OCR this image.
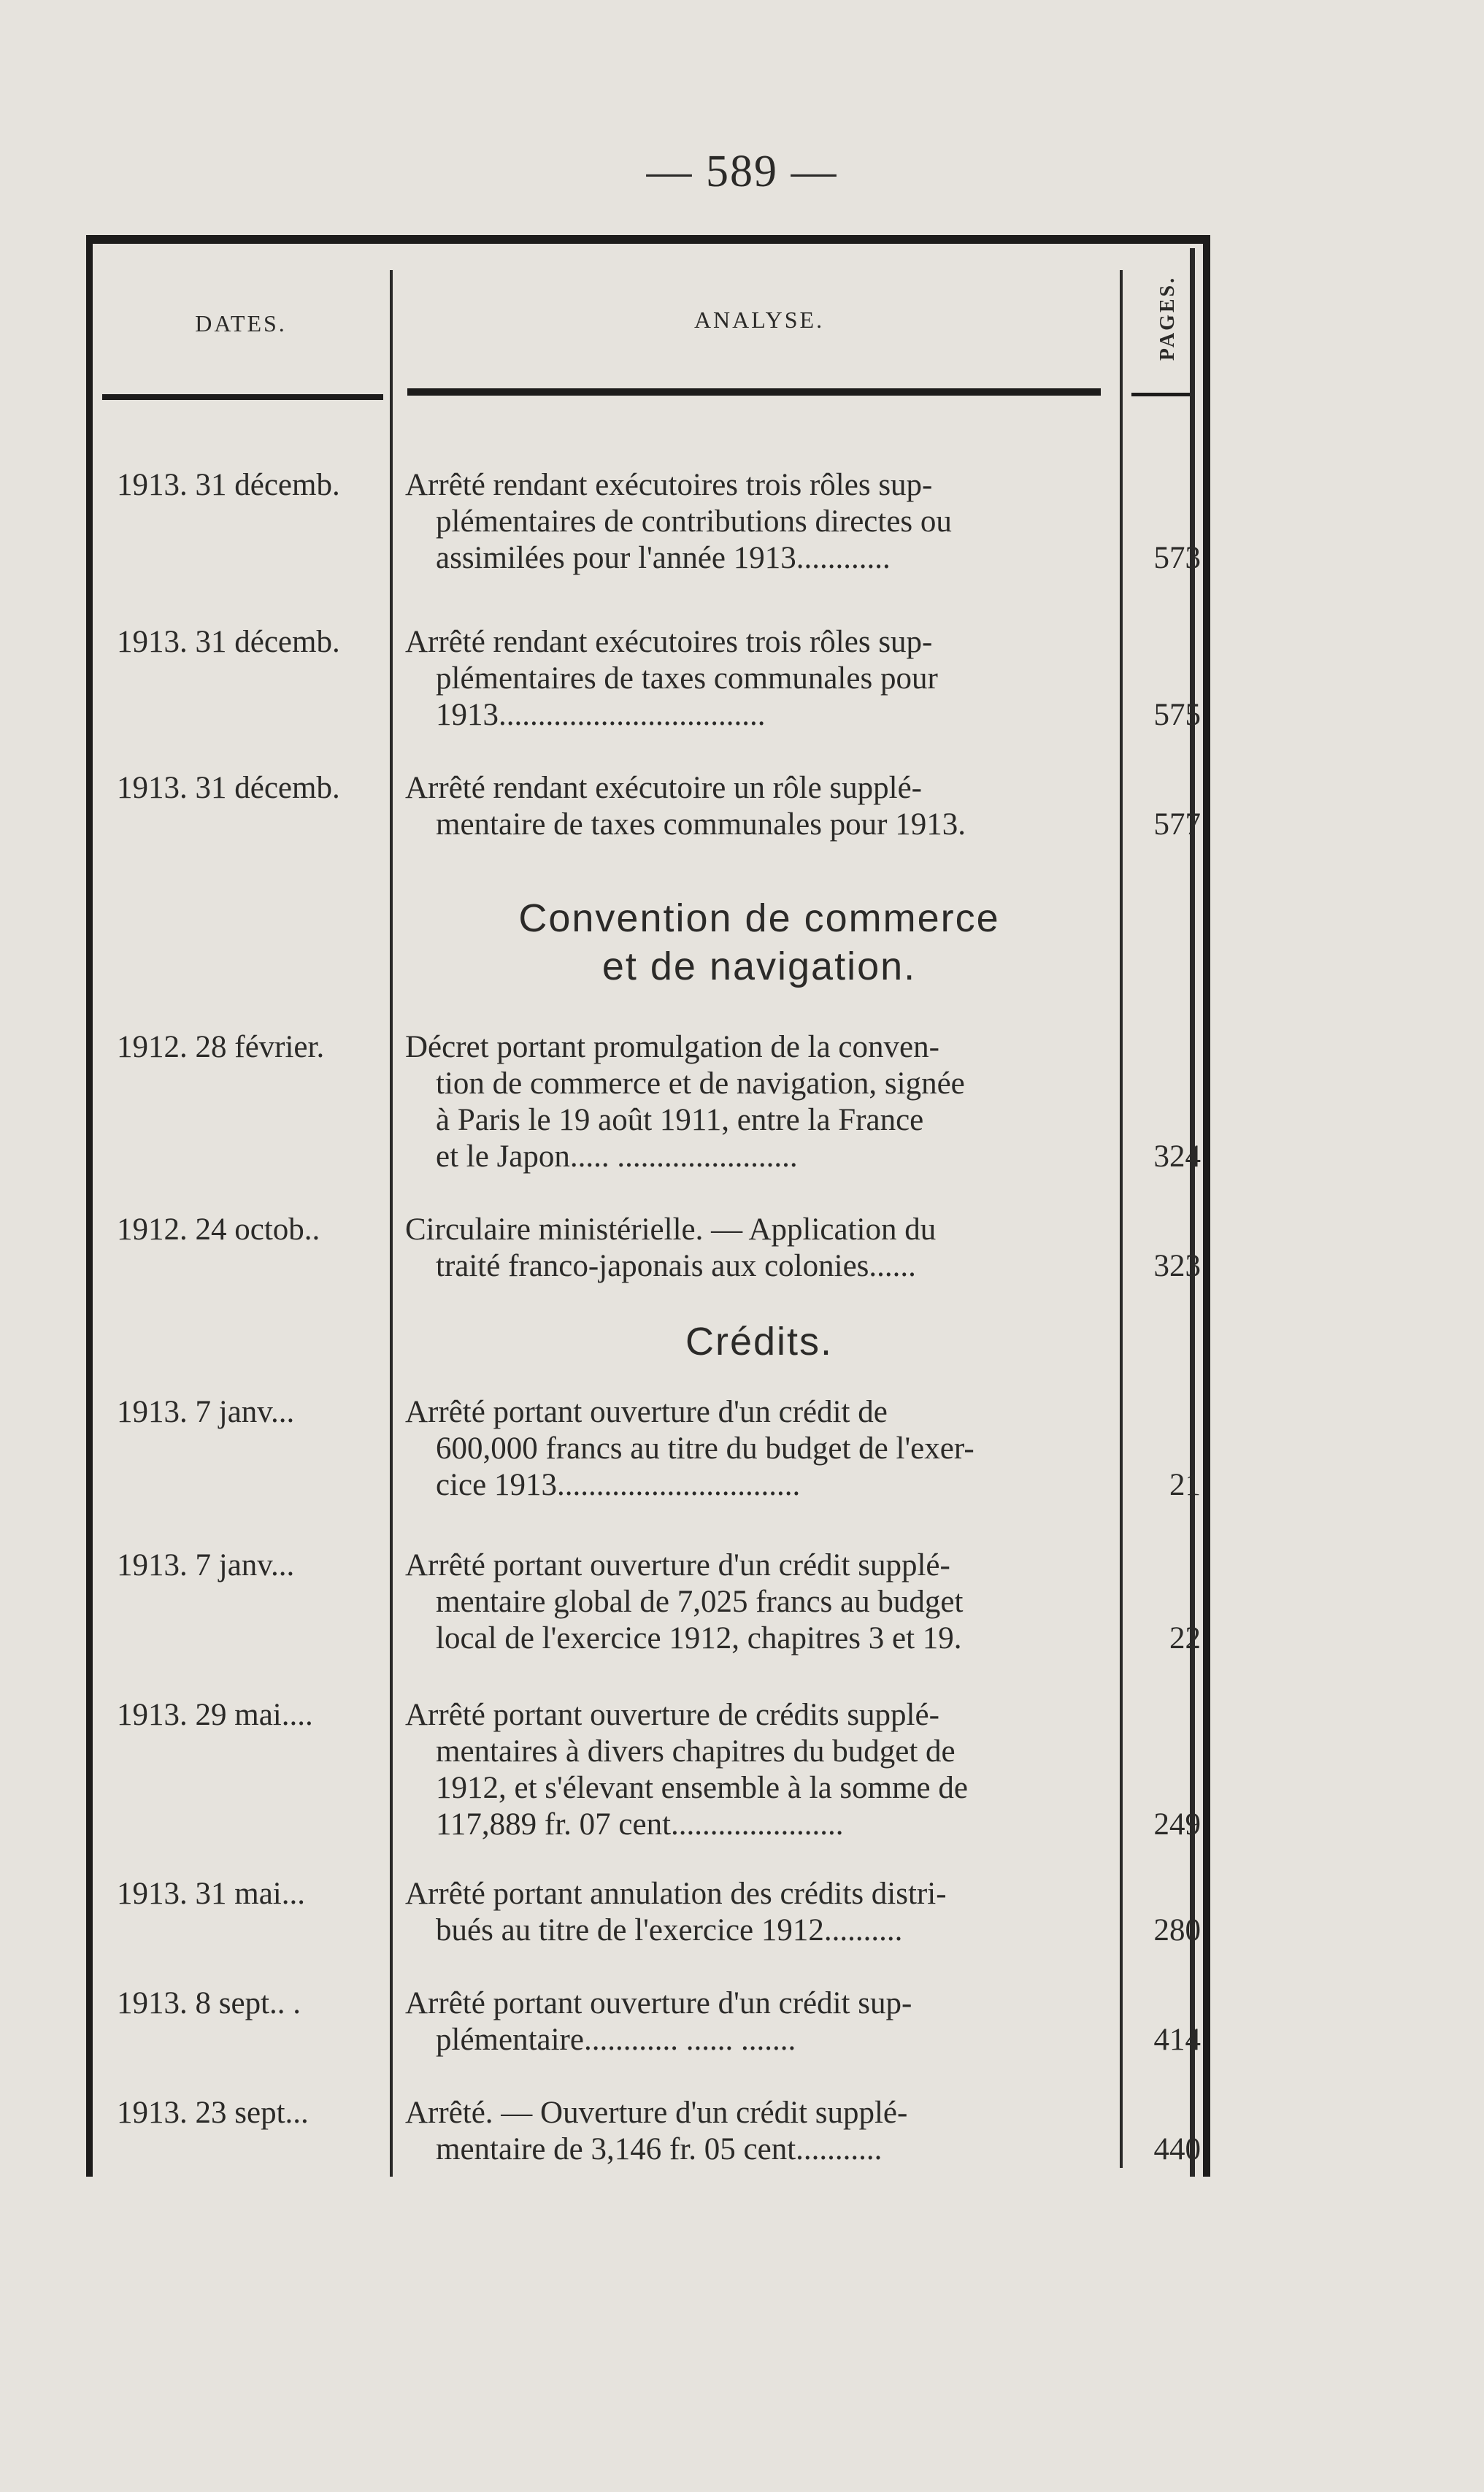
— 589 —
DATES.	ANALYSE.	PAGES.
1913. 31 décemb.	Arrêté rendant exécutoires trois rôles sup-
plémentaires de contributions directes ou
assimilées pour l'année 1913............	573
1913. 31 décemb.	Arrêté rendant exécutoires trois rôles sup-
plémentaires de taxes communales pour
1913..................................	575
1913. 31 décemb.	Arrêté rendant exécutoire un rôle supplé-
mentaire de taxes communales pour 1913.	577
Convention de commerce
et de navigation.
1912. 28 février.	Décret portant promulgation de la conven-
tion de commerce et de navigation, signée
à Paris le 19 août 1911, entre la France
et le Japon..... .......................	324
1912. 24 octob..	Circulaire ministérielle. — Application du
traité franco-japonais aux colonies......	323
Crédits.
1913. 7 janv...	Arrêté portant ouverture d'un crédit de
600,000 francs au titre du budget de l'exer-
cice 1913...............................	21
1913. 7 janv...	Arrêté portant ouverture d'un crédit supplé-
mentaire global de 7,025 francs au budget
local de l'exercice 1912, chapitres 3 et 19.	22
1913. 29 mai....	Arrêté portant ouverture de crédits supplé-
mentaires à divers chapitres du budget de
1912, et s'élevant ensemble à la somme de
117,889 fr. 07 cent......................	249
1913. 31 mai...	Arrêté portant annulation des crédits distri-
bués au titre de l'exercice 1912..........	280
1913. 8 sept.. .	Arrêté portant ouverture d'un crédit sup-
plémentaire............ ...... .......	414
1913. 23 sept...	Arrêté. — Ouverture d'un crédit supplé-
mentaire de 3,146 fr. 05 cent...........	440
